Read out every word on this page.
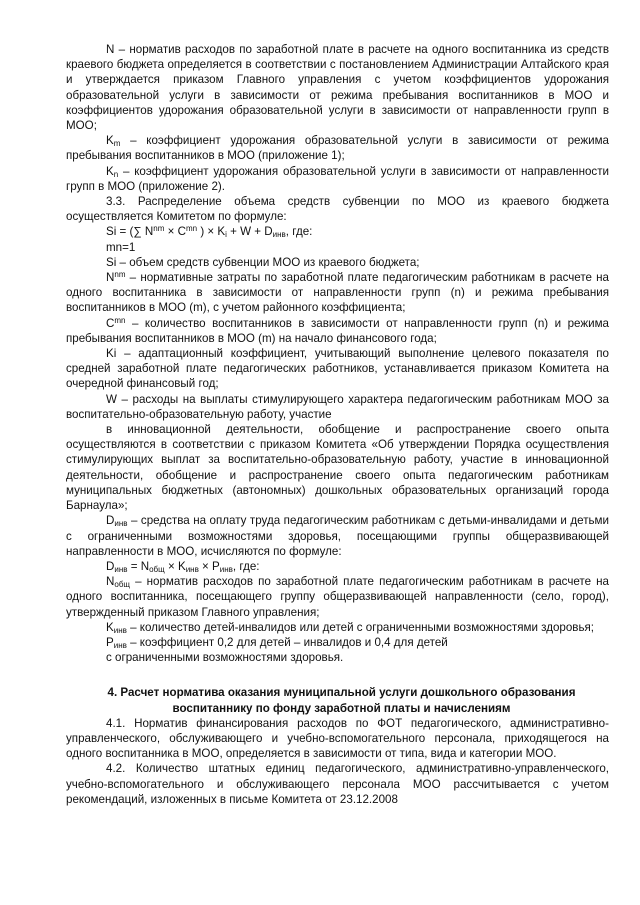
N – норматив расходов по заработной плате в расчете на одного воспитанника из средств краевого бюджета определяется в соответствии с постановлением Администрации Алтайского края и утверждается приказом Главного управления с учетом коэффициентов удорожания образовательной услуги в зависимости от режима пребывания воспитанников в МОО и коэффициентов удорожания образовательной услуги в зависимости от направленности групп в МОО;

$K_m$ – коэффициент удорожания образовательной услуги в зависимости от режима пребывания воспитанников в МОО (приложение 1);

$K_n$ – коэффициент удорожания образовательной услуги в зависимости от направленности групп в МОО (приложение 2).

3.3. Распределение объема средств субвенции по МОО из краевого бюджета осуществляется Комитетом по формуле:

Si = (∑ $N^{nm} \times C^{mn}$ ) × $K_i + W + D_{инв}$, где:

mn=1

Si – объем средств субвенции МОО из краевого бюджета;

$N^{nm}$ – нормативные затраты по заработной плате педагогическим работникам в расчете на одного воспитанника в зависимости от направленности групп (n) и режима пребывания воспитанников в МОО (m), с учетом районного коэффициента;

$C^{mn}$ – количество воспитанников в зависимости от направленности групп (n) и режима пребывания воспитанников в МОО (m) на начало финансового года;

Ki – адаптационный коэффициент, учитывающий выполнение целевого показателя по средней заработной плате педагогических работников, устанавливается приказом Комитета на очередной финансовый год;

W – расходы на выплаты стимулирующего характера педагогическим работникам МОО за воспитательно-образовательную работу, участие

в инновационной деятельности, обобщение и распространение своего опыта осуществляются в соответствии с приказом Комитета «Об утверждении Порядка осуществления стимулирующих выплат за воспитательно-образовательную работу, участие в инновационной деятельности, обобщение и распространение своего опыта педагогическим работникам муниципальных бюджетных (автономных) дошкольных образовательных организаций города Барнаула»;

$D_{инв}$ – средства на оплату труда педагогическим работникам с детьми-инвалидами и детьми с ограниченными возможностями здоровья, посещающими группы общеразвивающей направленности в МОО, исчисляются по формуле:

$D_{инв} = N_{общ} \times K_{инв} \times P_{инв}$, где:

$N_{общ}$ – норматив расходов по заработной плате педагогическим работникам в расчете на одного воспитанника, посещающего группу общеразвивающей направленности (село, город), утвержденный приказом Главного управления;

$K_{инв}$ – количество детей-инвалидов или детей с ограниченными возможностями здоровья;

$P_{инв}$ – коэффициент 0,2 для детей – инвалидов и 0,4 для детей

с ограниченными возможностями здоровья.

4. Расчет норматива оказания муниципальной услуги дошкольного образования воспитаннику по фонду заработной платы и начислениям

4.1. Норматив финансирования расходов по ФОТ педагогического, административно-управленческого, обслуживающего и учебно-вспомогательного персонала, приходящегося на одного воспитанника в МОО, определяется в зависимости от типа, вида и категории МОО.

4.2. Количество штатных единиц педагогического, административно-управленческого, учебно-вспомогательного и обслуживающего персонала МОО рассчитывается с учетом рекомендаций, изложенных в письме Комитета от 23.12.2008
